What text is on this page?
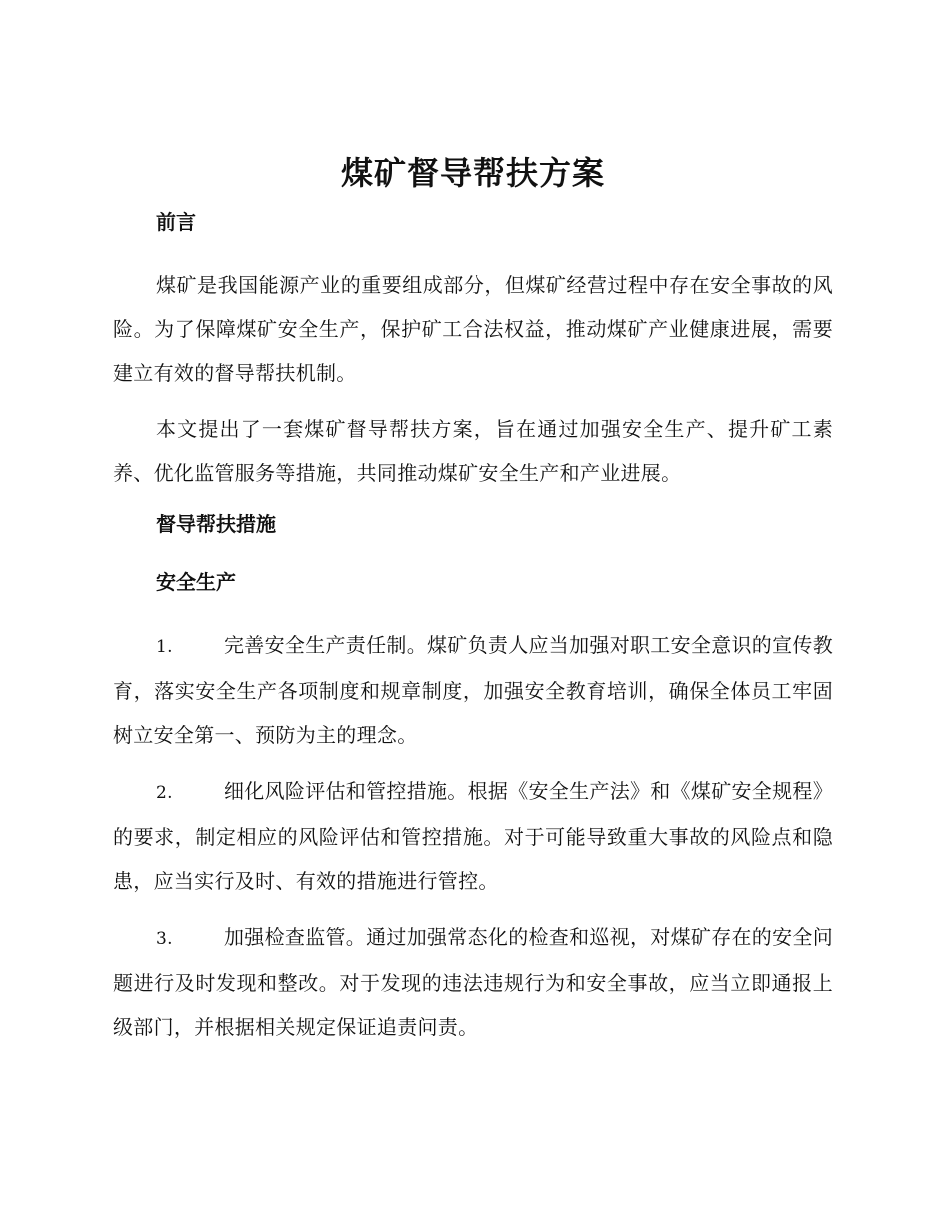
煤矿督导帮扶方案
前言

煤矿是我国能源产业的重要组成部分，但煤矿经营过程中存在安全事故的风险。为了保障煤矿安全生产，保护矿工合法权益，推动煤矿产业健康进展，需要建立有效的督导帮扶机制。

本文提出了一套煤矿督导帮扶方案，旨在通过加强安全生产、提升矿工素养、优化监管服务等措施，共同推动煤矿安全生产和产业进展。

督导帮扶措施
安全生产

1.	完善安全生产责任制。煤矿负责人应当加强对职工安全意识的宣传教育，落实安全生产各项制度和规章制度，加强安全教育培训，确保全体员工牢固树立安全第一、预防为主的理念。

2.	细化风险评估和管控措施。根据《安全生产法》和《煤矿安全规程》的要求，制定相应的风险评估和管控措施。对于可能导致重大事故的风险点和隐患，应当实行及时、有效的措施进行管控。

3.	加强检查监管。通过加强常态化的检查和巡视，对煤矿存在的安全问题进行及时发现和整改。对于发现的违法违规行为和安全事故，应当立即通报上级部门，并根据相关规定保证追责问责。
